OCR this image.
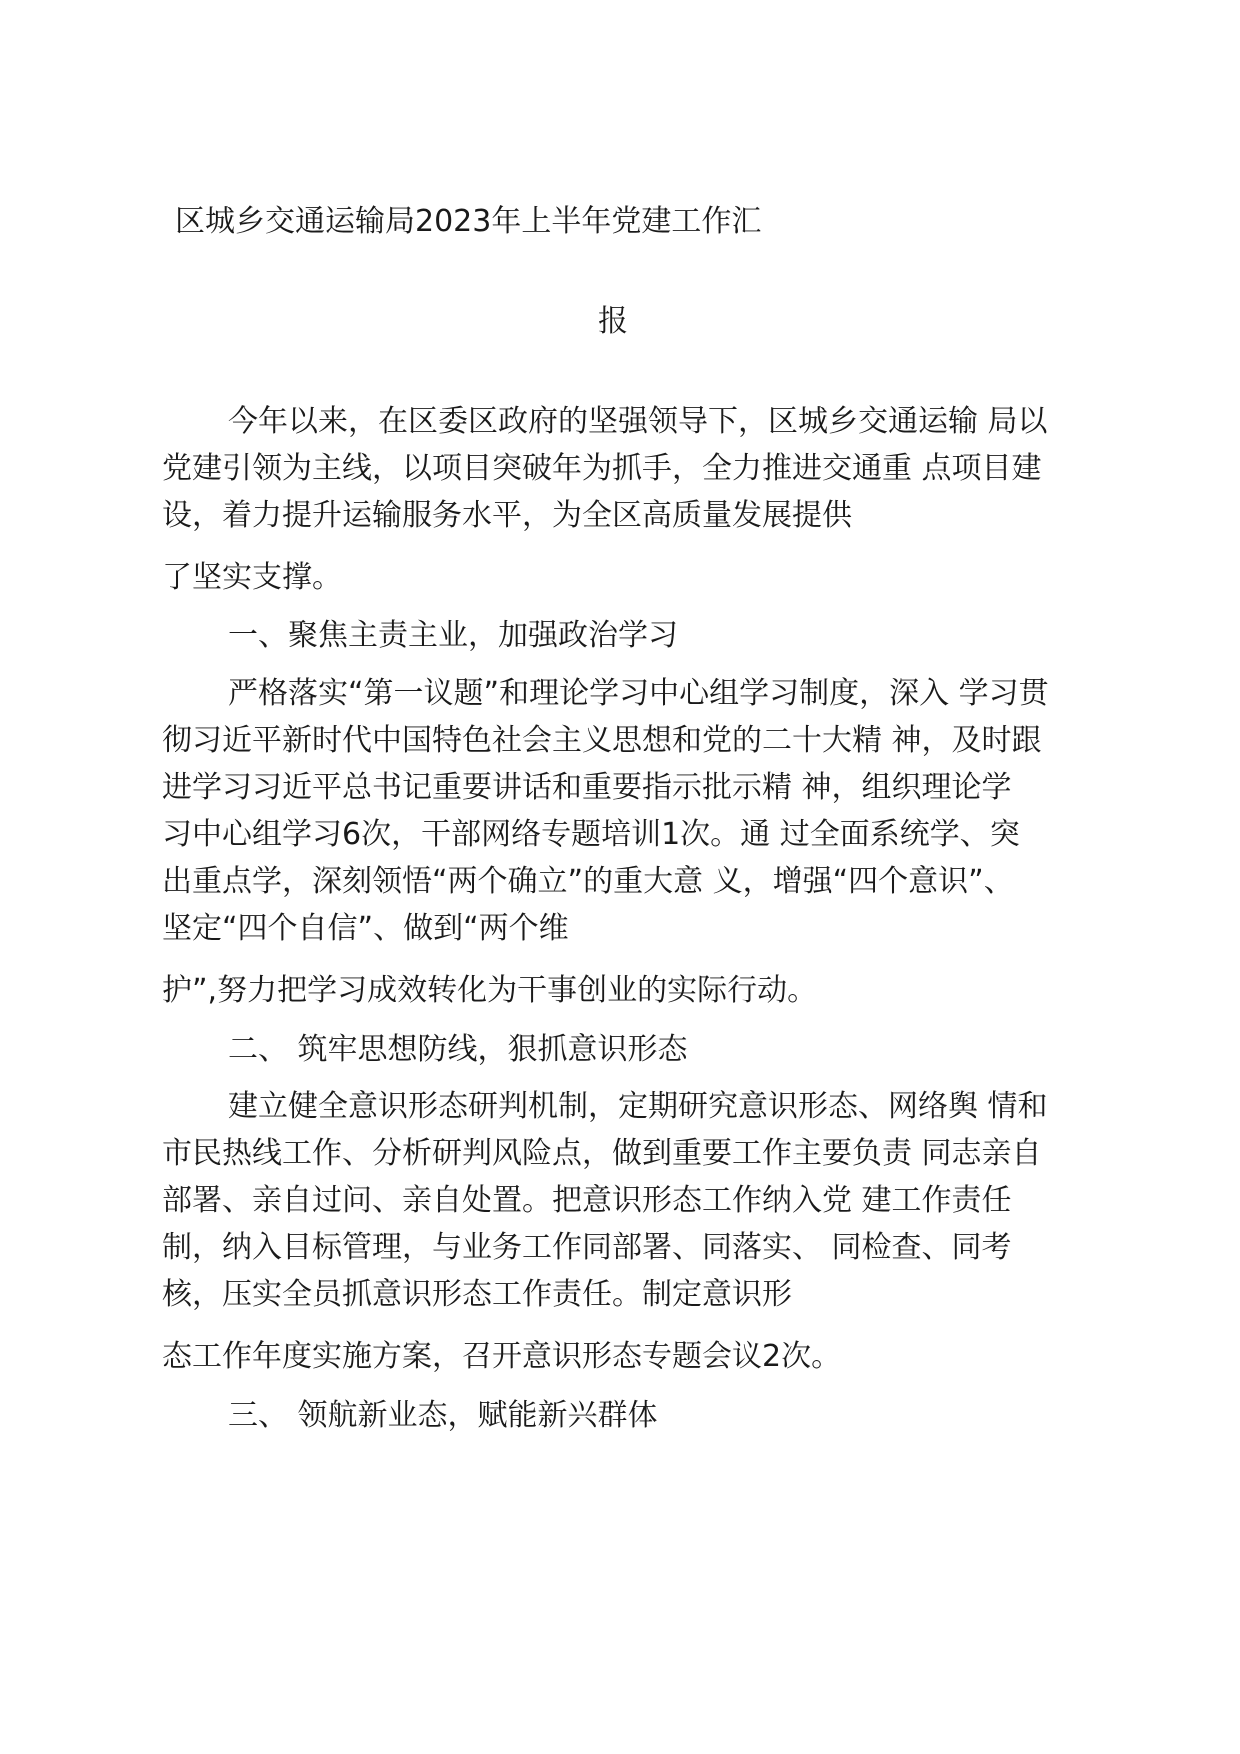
区城乡交通运输局2023年上半年党建工作汇
报
今年以来，在区委区政府的坚强领导下，区城乡交通运输 局以
党建引领为主线，以项目突破年为抓手，全力推进交通重 点项目建
设，着力提升运输服务水平，为全区高质量发展提供
了坚实支撑。
一、聚焦主责主业，加强政治学习
严格落实“第一议题”和理论学习中心组学习制度，深入 学习贯
彻习近平新时代中国特色社会主义思想和党的二十大精 神，及时跟
进学习习近平总书记重要讲话和重要指示批示精 神，组织理论学
习中心组学习6次，干部网络专题培训1次。通 过全面系统学、突
出重点学，深刻领悟“两个确立”的重大意 义，增强“四个意识”、
坚定“四个自信”、做到“两个维
护”,努力把学习成效转化为干事创业的实际行动。
二、 筑牢思想防线，狠抓意识形态
建立健全意识形态研判机制，定期研究意识形态、网络舆 情和
市民热线工作、分析研判风险点，做到重要工作主要负责 同志亲自
部署、亲自过问、亲自处置。把意识形态工作纳入党 建工作责任
制，纳入目标管理，与业务工作同部署、同落实、 同检查、同考
核，压实全员抓意识形态工作责任。制定意识形
态工作年度实施方案，召开意识形态专题会议2次。
三、 领航新业态，赋能新兴群体
